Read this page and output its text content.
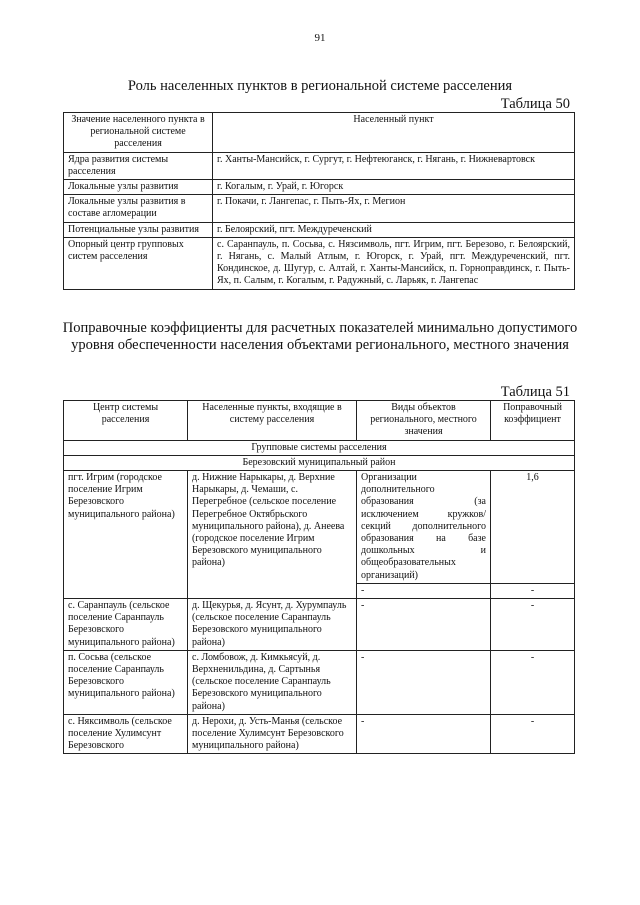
91
Роль населенных пунктов в региональной системе расселения
Таблица 50
Значение населенного пункта в региональной системе расселения	Населенный пункт
Ядра развития системы расселения	г. Ханты-Мансийск, г. Сургут, г. Нефтеюганск, г. Нягань, г. Нижневартовск
Локальные узлы развития	г. Когалым, г. Урай, г. Югорск
Локальные узлы развития в составе агломерации	г. Покачи, г. Лангепас, г. Пыть-Ях, г. Мегион
Потенциальные узлы развития	г. Белоярский, пгт. Междуреченский
Опорный центр групповых систем расселения	с. Саранпауль, п. Сосьва, с. Нязсимволь, пгт. Игрим, пгт. Березово, г. Белоярский, г. Нягань, с. Малый Атлым, г. Югорск, г. Урай, пгт. Междуреченский, пгт. Кондинское, д. Шугур, с. Алтай, г. Ханты-Мансийск, п. Горноправдинск, г. Пыть-Ях, п. Салым, г. Когалым, г. Радужный, с. Ларьяк, г. Лангепас
Поправочные коэффициенты для расчетных показателей минимально допустимого уровня обеспеченности населения объектами регионального, местного значения
Таблица 51
Центр системы расселения	Населенные пункты, входящие в систему расселения	Виды объектов регионального, местного значения	Поправочный коэффициент
Групповые системы расселения			
Березовский муниципальный район			
пгт. Игрим (городское поселение Игрим Березовского муниципального района)	д. Нижние Нарыкары, д. Верхние Нарыкары, д. Чемаши, с. Перегребное (сельское поселение Перегребное Октябрьского муниципального района), д. Анеева (городское поселение Игрим Березовского муниципального района)	Организации дополнительного образования (за исключением кружков/секций дополнительного образования на базе дошкольных и общеобразовательных организаций)	1,6
		-	-
с. Саранпауль (сельское поселение Саранпауль Березовского муниципального района)	д. Щекурья, д. Ясунт, д. Хурумпауль (сельское поселение Саранпауль Березовского муниципального района)	-	-
п. Сосьва (сельское поселение Саранпауль Березовского муниципального района)	с. Ломбовож, д. Кимкьясуй, д. Верхненильдина, д. Сартынья (сельское поселение Саранпауль Березовского муниципального района)	-	-
с. Няксимволь (сельское поселение Хулимсунт Березовского	д. Нерохи, д. Усть-Манья (сельское поселение Хулимсунт Березовского муниципального района)	-	-
